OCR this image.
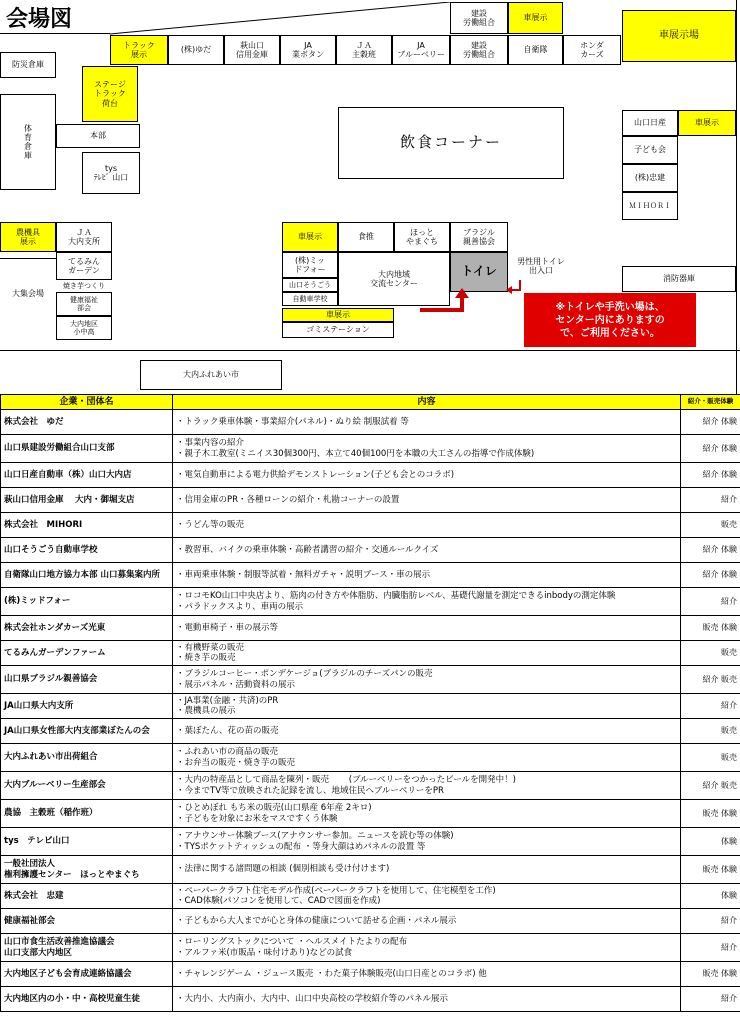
会場図	建設
労働組合
車展示
車展示場
トラック
展示
(株)ゆだ
萩山口
信用金庫
JA
業ボタン
ＪＡ
主穀班
JA
ブルーベリー
建設
労働組合
自衛隊
ホンダ
カーズ
防災倉庫
ステージ
トラック
荷台
体
育
倉
庫
本部
tys
ﾃﾚﾋﾞ 山口
飲食コーナー
山口日産	車展示
子ども会
(株)忠建
ＭＩＨＯＲＩ
農機具
展示
ＪＡ
大内支所
てるみん
ガーデン
焼き芋つくり
健康福祉
部会
大内地区
小中高
大集会場
車展示	食推
ほっと
やまぐち
ブラジル
親善協会
(株)ミッ
ドフォー
山口そうごう
自動車学校
大内地域
交流センター
トイレ
男性用トイレ
出入口
消防器庫
車展示
ゴミステーション
※トイレや手洗い場は、
センター内にありますの
で、ご利用ください。
大内ふれあい市
企業・団体名	内容	紹介・販売体験
株式会社　ゆだ	・トラック乗車体験・事業紹介(パネル)・ぬり絵 制服試着 等	紹介 体験
山口県建設労働組合山口支部	・事業内容の紹介
・親子木工教室(ミニイス30個300円、本立て40個100円を本職の大工さんの指導で作成体験)	紹介 体験
山口日産自動車（株）山口大内店	・電気自動車による電力供給デモンストレーション(子ども会とのコラボ)	紹介 体験
萩山口信用金庫　 大内・御堀支店	・信用金庫のPR・各種ローンの紹介・札勘コーナーの設置	紹介
株式会社　MIHORI	・うどん等の販売	販売
山口そうごう自動車学校	・教習車、バイクの乗車体験・高齢者講習の紹介・交通ルールクイズ	紹介 体験
自衛隊山口地方協力本部 山口募集案内所	・車両乗車体験・制服等試着・無料ガチャ・説明ブース・車の展示	紹介 体験
(株)ミッドフォー	・ロコモKO山口中央店より、筋肉の付き方や体脂肪、内臓脂肪レベル、基礎代謝量を測定できるinbodyの測定体験
・パラドックスより、車両の展示	紹介
株式会社ホンダカーズ光東	・電動車椅子・車の展示等	販売 体験
てるみんガーデンファーム	・有機野菜の販売
・焼き芋の販売	販売
山口県ブラジル親善協会	・ブラジルコーヒー・ポンデケージョ(ブラジルのチーズパンの販売
・展示パネル・活動資料の展示	紹介 販売
JA山口県大内支所	・JA事業(金融・共済)のPR
・農機具の展示	紹介
JA山口県女性部大内支部業ぼたんの会	・葉ぼたん、花の苗の販売	販売
大内ふれあい市出荷組合	・ふれあい市の商品の販売
・お弁当の販売・焼き芋の販売	販売
大内ブルーベリー生産部会	・大内の特産品として商品を陳列・販売 　　(ブルーベリーをつかったビールを開発中！)
・今までTV等で放映された記録を流し、地域住民へブルーベリーをPR	紹介 販売
農協　主穀班（稲作班）	・ひとめぼれ もち米の販売(山口県産 6年産 2キロ)
・子どもを対象にお米をマスですくう体験	販売 体験
tys　テレビ山口	・アナウンサー体験ブース(アナウンサー参加。ニュースを読む等の体験)
・TYSポケットティッシュの配布 ・等身大顔はめパネルの設置 等	体験
一般社団法人
権利擁護センター　ほっとやまぐち	・法律に関する諸問題の相談 (個別相談も受け付けます)	販売 体験
株式会社　忠建	・ペーパークラフト住宅モデル作成(ペーパークラフトを使用して、住宅模型を工作)
・CAD体験(パソコンを使用して、CADで図面を作成)	体験
健康福祉部会	・子どもから大人までが心と身体の健康について話せる企画・パネル展示	紹介
山口市食生活改善推進協議会
山口支部大内地区	・ローリングストックについて ・ヘルスメイトたよりの配布
・アルファ米(市販品・味付けあり)などの試食	紹介
大内地区子ども会育成連絡協議会	・チャレンジゲーム ・ジュース販売 ・わた菓子体験販売(山口日産とのコラボ) 他	販売 体験
大内地区内の小・中・高校児童生徒	・大内小、大内南小、大内中、山口中央高校の学校紹介等のパネル展示	紹介
